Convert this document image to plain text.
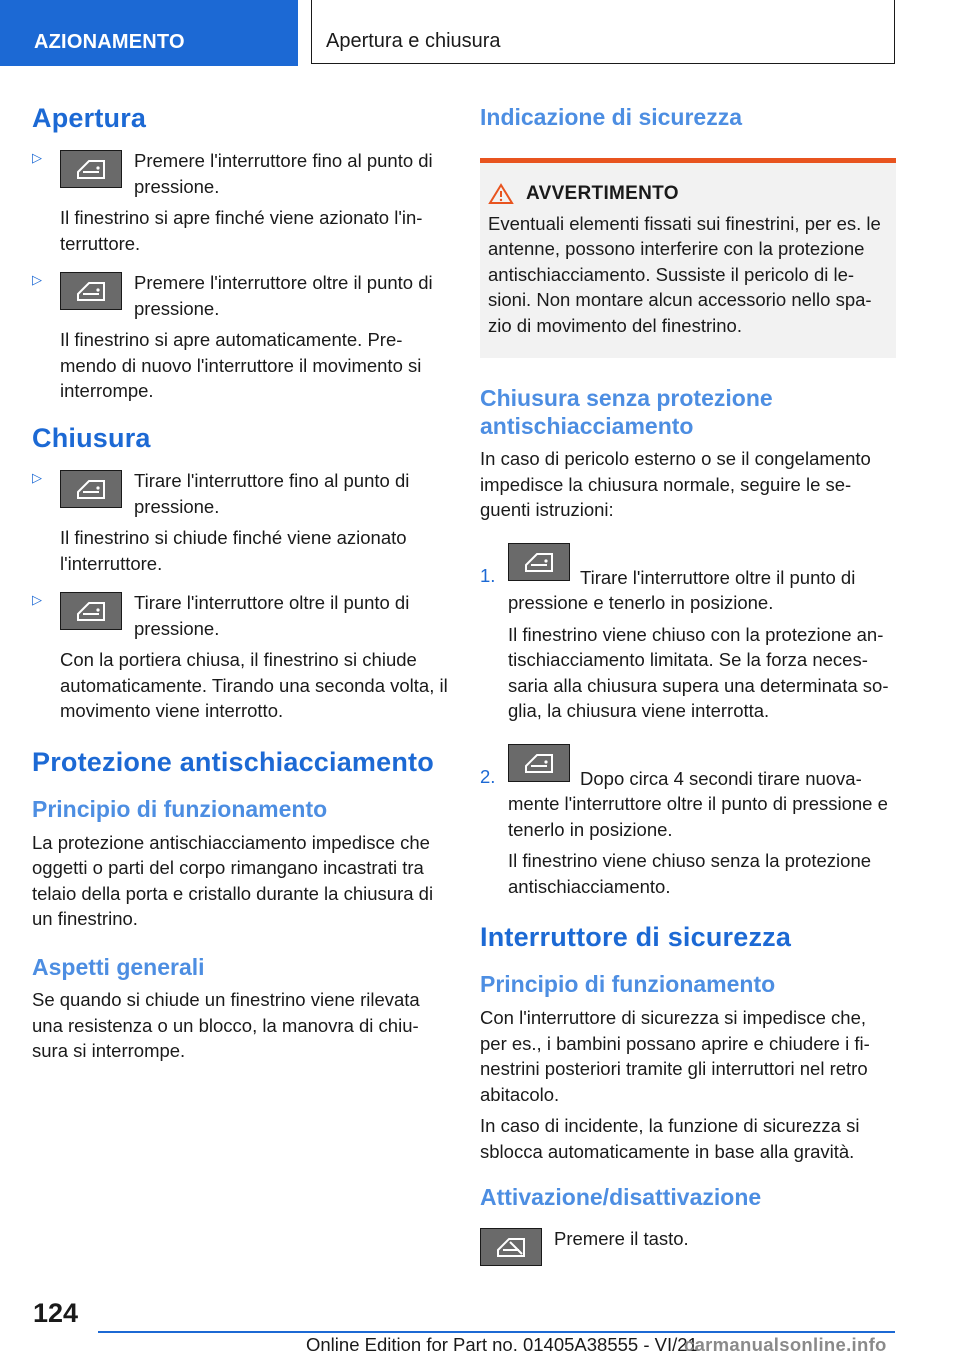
AZIONAMENTO	Apertura e chiusura
Apertura
▷	Premere l'interruttore fino al punto di pressione.

Il finestrino si apre finché viene azionato l'in-terruttore.

▷	Premere l'interruttore oltre il punto di pressione.

Il finestrino si apre automaticamente. Pre-mendo di nuovo l'interruttore il movimento si interrompe.

Chiusura
▷	Tirare l'interruttore fino al punto di pressione.

Il finestrino si chiude finché viene azionato l'interruttore.

▷	Tirare l'interruttore oltre il punto di pressione.

Con la portiera chiusa, il finestrino si chiude automaticamente. Tirando una seconda volta, il movimento viene interrotto.

Protezione antischiacciamento
Principio di funzionamento

La protezione antischiacciamento impedisce che oggetti o parti del corpo rimangano incastrati tra telaio della porta e cristallo durante la chiusura di un finestrino.

Aspetti generali

Se quando si chiude un finestrino viene rilevata una resistenza o un blocco, la manovra di chiu-sura si interrompe.

Indicazione di sicurezza
AVVERTIMENTO

Eventuali elementi fissati sui finestrini, per es. le antenne, possono interferire con la protezione antischiacciamento. Sussiste il pericolo di le-sioni. Non montare alcun accessorio nello spa-zio di movimento del finestrino.

Chiusura senza protezione antischiacciamento

In caso di pericolo esterno o se il congelamento impedisce la chiusura normale, seguire le se-guenti istruzioni:

1.	Tirare l'interruttore oltre il punto di pressione e tenerlo in posizione.

Il finestrino viene chiuso con la protezione an-tischiacciamento limitata. Se la forza neces-saria alla chiusura supera una determinata so-glia, la chiusura viene interrotta.

2.	Dopo circa 4 secondi tirare nuova-mente l'interruttore oltre il punto di pressione e tenerlo in posizione.

Il finestrino viene chiuso senza la protezione antischiacciamento.

Interruttore di sicurezza
Principio di funzionamento

Con l'interruttore di sicurezza si impedisce che, per es., i bambini possano aprire e chiudere i fi-nestrini posteriori tramite gli interruttori nel retro abitacolo.

In caso di incidente, la funzione di sicurezza si sblocca automaticamente in base alla gravità.

Attivazione/disattivazione

Premere il tasto.

124
Online Edition for Part no. 01405A38555 - VI/21
carmanualsonline.info
